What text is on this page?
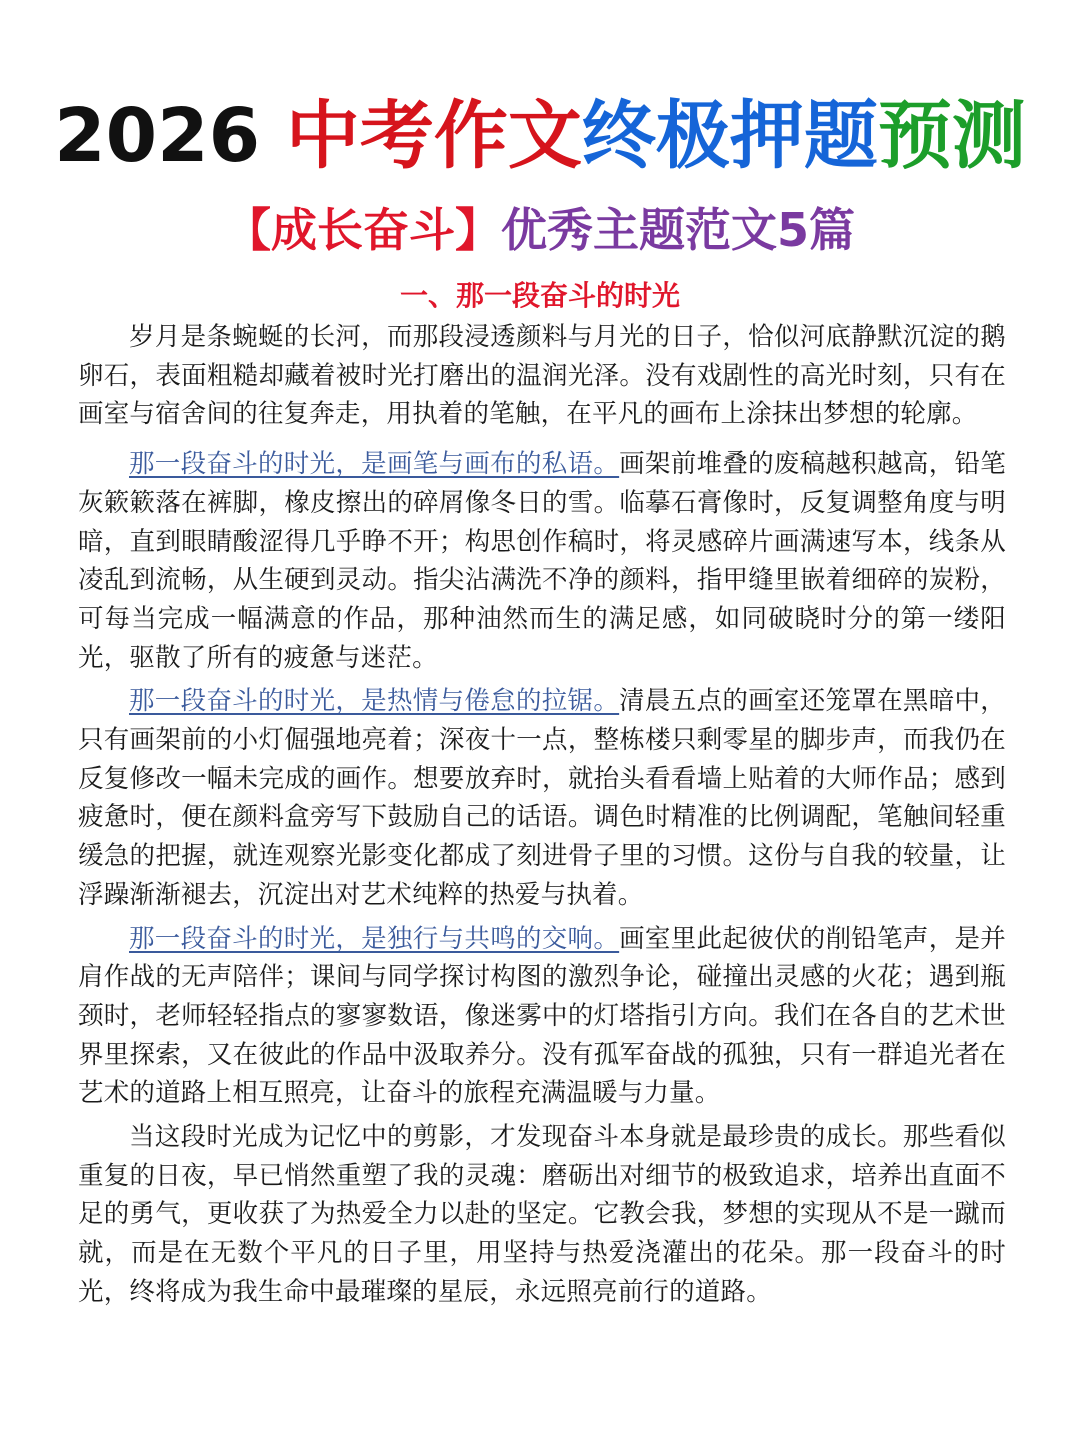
2026 中考作文终极押题预测
【成长奋斗】优秀主题范文5篇
一、那一段奋斗的时光

岁月是条蜿蜒的长河，而那段浸透颜料与月光的日子，恰似河底静默沉淀的鹅卵石，表面粗糙却藏着被时光打磨出的温润光泽。没有戏剧性的高光时刻，只有在画室与宿舍间的往复奔走，用执着的笔触，在平凡的画布上涂抹出梦想的轮廓。

那一段奋斗的时光，是画笔与画布的私语。画架前堆叠的废稿越积越高，铅笔灰簌簌落在裤脚，橡皮擦出的碎屑像冬日的雪。临摹石膏像时，反复调整角度与明暗，直到眼睛酸涩得几乎睁不开；构思创作稿时，将灵感碎片画满速写本，线条从凌乱到流畅，从生硬到灵动。指尖沾满洗不净的颜料，指甲缝里嵌着细碎的炭粉，可每当完成一幅满意的作品，那种油然而生的满足感，如同破晓时分的第一缕阳光，驱散了所有的疲惫与迷茫。

那一段奋斗的时光，是热情与倦怠的拉锯。清晨五点的画室还笼罩在黑暗中，只有画架前的小灯倔强地亮着；深夜十一点，整栋楼只剩零星的脚步声，而我仍在反复修改一幅未完成的画作。想要放弃时，就抬头看看墙上贴着的大师作品；感到疲惫时，便在颜料盒旁写下鼓励自己的话语。调色时精准的比例调配，笔触间轻重缓急的把握，就连观察光影变化都成了刻进骨子里的习惯。这份与自我的较量，让浮躁渐渐褪去，沉淀出对艺术纯粹的热爱与执着。

那一段奋斗的时光，是独行与共鸣的交响。画室里此起彼伏的削铅笔声，是并肩作战的无声陪伴；课间与同学探讨构图的激烈争论，碰撞出灵感的火花；遇到瓶颈时，老师轻轻指点的寥寥数语，像迷雾中的灯塔指引方向。我们在各自的艺术世界里探索，又在彼此的作品中汲取养分。没有孤军奋战的孤独，只有一群追光者在艺术的道路上相互照亮，让奋斗的旅程充满温暖与力量。

当这段时光成为记忆中的剪影，才发现奋斗本身就是最珍贵的成长。那些看似重复的日夜，早已悄然重塑了我的灵魂：磨砺出对细节的极致追求，培养出直面不足的勇气，更收获了为热爱全力以赴的坚定。它教会我，梦想的实现从不是一蹴而就，而是在无数个平凡的日子里，用坚持与热爱浇灌出的花朵。那一段奋斗的时光，终将成为我生命中最璀璨的星辰，永远照亮前行的道路。
